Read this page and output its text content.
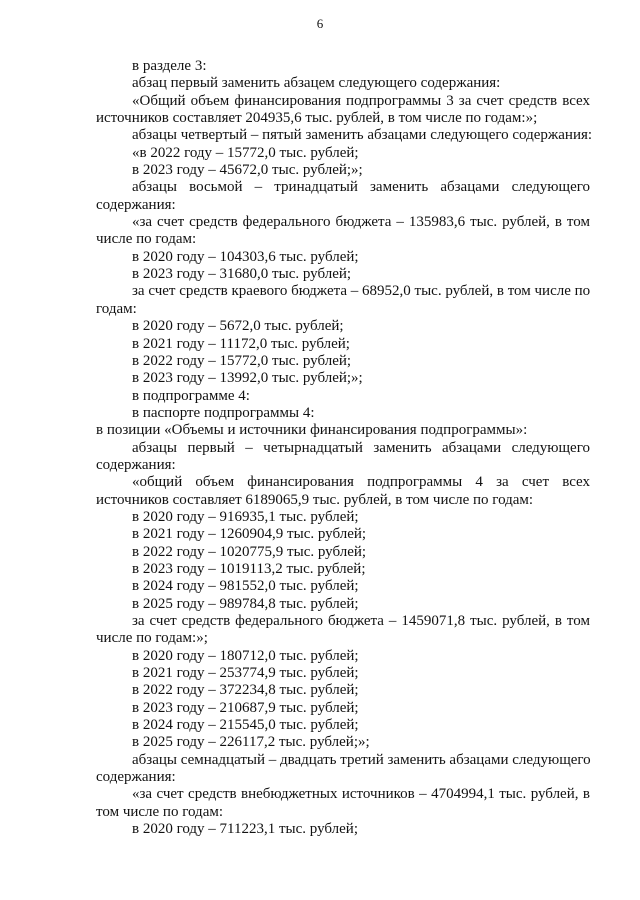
6
в разделе 3:
абзац первый заменить абзацем следующего содержания:
«Общий объем финансирования подпрограммы 3 за счет средств всех
источников составляет 204935,6 тыс. рублей, в том числе по годам:»;
абзацы четвертый – пятый заменить абзацами следующего содержания:
«в 2022 году – 15772,0 тыс. рублей;
в 2023 году – 45672,0 тыс. рублей;»;
абзацы восьмой – тринадцатый заменить абзацами следующего
содержания:
«за счет средств федерального бюджета – 135983,6 тыс. рублей, в том
числе по годам:
в 2020 году – 104303,6 тыс. рублей;
в 2023 году – 31680,0 тыс. рублей;
за счет средств краевого бюджета – 68952,0 тыс. рублей, в том числе по
годам:
в 2020 году – 5672,0 тыс. рублей;
в 2021 году – 11172,0 тыс. рублей;
в 2022 году – 15772,0 тыс. рублей;
в 2023 году – 13992,0 тыс. рублей;»;
в подпрограмме 4:
в паспорте подпрограммы 4:
в позиции «Объемы и источники финансирования подпрограммы»:
абзацы первый – четырнадцатый заменить абзацами следующего
содержания:
«общий объем финансирования подпрограммы 4 за счет всех
источников составляет 6189065,9 тыс. рублей, в том числе по годам:
в 2020 году – 916935,1 тыс. рублей;
в 2021 году – 1260904,9 тыс. рублей;
в 2022 году – 1020775,9 тыс. рублей;
в 2023 году – 1019113,2 тыс. рублей;
в 2024 году – 981552,0 тыс. рублей;
в 2025 году – 989784,8 тыс. рублей;
за счет средств федерального бюджета – 1459071,8 тыс. рублей, в том
числе по годам:»;
в 2020 году – 180712,0 тыс. рублей;
в 2021 году – 253774,9 тыс. рублей;
в 2022 году – 372234,8 тыс. рублей;
в 2023 году – 210687,9 тыс. рублей;
в 2024 году – 215545,0 тыс. рублей;
в 2025 году – 226117,2 тыс. рублей;»;
абзацы семнадцатый – двадцать третий заменить абзацами следующего
содержания:
«за счет средств внебюджетных источников – 4704994,1 тыс. рублей, в
том числе по годам:
в 2020 году – 711223,1 тыс. рублей;
